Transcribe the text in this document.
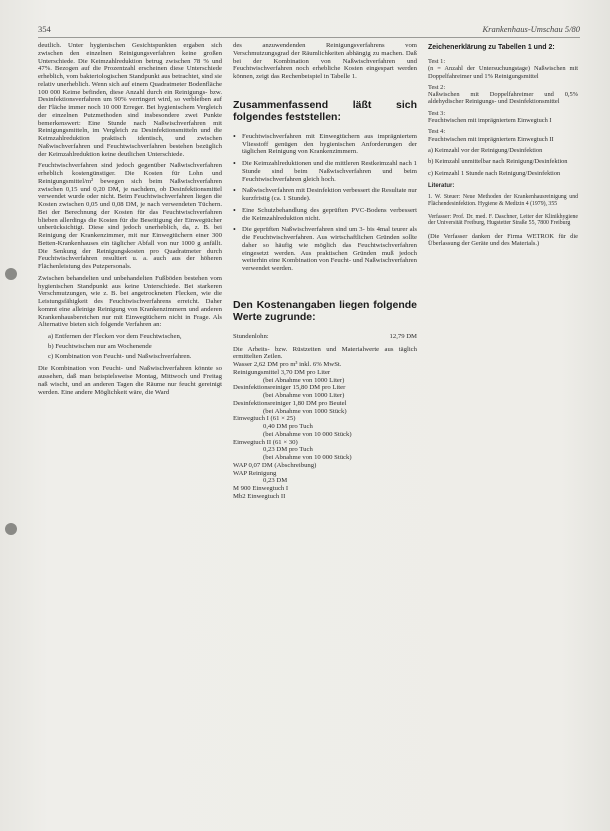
354	Krankenhaus-Umschau 5/80

deutlich. Unter hygienischen Gesichtspunkten ergaben sich zwischen den einzelnen Reinigungsverfahren keine großen Unterschiede. Die Keimzahlreduktion betrug zwischen 78 % und 47%. Bezogen auf die Prozentzahl erscheinen diese Unterschiede erheblich, vom bakteriologischen Standpunkt aus betrachtet, sind sie relativ unerheblich. Wenn sich auf einem Quadratmeter Bodenfläche 100 000 Keime befinden, diese Anzahl durch ein Reinigungs- bzw. Desinfektionsverfahren um 90% verringert wird, so verbleiben auf der Fläche immer noch 10 000 Erreger. Bei hygienischem Vergleich der einzelnen Putzmethoden sind insbesondere zwei Punkte bemerkenswert: Eine Stunde nach Naßwischverfahren mit Reinigungsmitteln, im Vergleich zu Desinfektionsmitteln und die Keimzahlreduktion praktisch identisch, und zwischen Naßwischverfahren und Feuchtwischverfahren bestehen bezüglich der Keimzahlreduktion keine deutlichen Unterschiede.

Feuchtwischverfahren sind jedoch gegenüber Naßwischverfahren erheblich kostengünstiger. Die Kosten für Lohn und Reinigungsmittel/m² bewegen sich beim Naßwischverfahren zwischen 0,15 und 0,20 DM, je nachdem, ob Desinfektionsmittel verwendet wurde oder nicht. Beim Feuchtwischverfahren liegen die Kosten zwischen 0,05 und 0,08 DM, je nach verwendeten Tüchern. Bei der Berechnung der Kosten für das Feuchtwischverfahren blieben allerdings die Kosten für die Beseitigung der Einwegtücher unberücksichtigt. Diese sind jedoch unerheblich, da, z. B. bei Reinigung der Krankenzimmer, mit nur Einwegtüchern einer 300 Betten-Krankenhauses ein täglicher Abfall von nur 1000 g anfällt. Die Senkung der Reinigungskosten pro Quadratmeter durch Feuchtwischverfahren resultiert u. a. auch aus der höheren Flächenleistung des Putzpersonals.

Zwischen behandelten und unbehandelten Fußböden bestehen vom hygienischen Standpunkt aus keine Unterschiede. Bei starkeren Verschmutzungen, wie z. B. bei angetrockneten Flecken, wie die Leistungsfähigkeit des Feuchtwischverfahrens erreicht. Daher kommt eine alleinige Reinigung von Krankenzimmern und anderen Krankenhausbereichen nur mit Einwegtüchern nicht in Frage. Als Alternative bieten sich folgende Verfahren an:

a) Entfernen der Flecken vor dem Feuchtwischen,

b) Feuchtwischen nur am Wochenende

c) Kombination von Feucht- und Naßwischverfahren.

Die Kombination von Feucht- und Naßwischverfahren könnte so aussehen, daß man beispielsweise Montag, Mittwoch und Freitag naß wischt, und an anderen Tagen die Räume nur feucht gereinigt werden. Eine andere Möglichkeit wäre, die Ward

des anzuwendenden Reinigungsverfahrens vom Verschmutzungsgrad der Räumlichkeiten abhängig zu machen. Daß bei der Kombination von Naßwischverfahren und Feuchtwischverfahren noch erhebliche Kosten eingespart werden können, zeigt das Rechenbeispiel in Tabelle 1.

Zusammenfassend läßt sich folgendes feststellen:

• Feuchtwischverfahren mit Einwegtüchern aus imprägniertem Vliesstoff genügen den hygienischen Anforderungen der täglichen Reinigung von Krankenzimmern.

• Die Keimzahlreduktionen und die mittleren Restkeimzahl nach 1 Stunde sind beim Naßwischverfahren und beim Feuchtwischverfahren gleich hoch.

• Naßwischverfahren mit Desinfektion verbessert die Resultate nur kurzfristig (ca. 1 Stunde).

• Eine Schutzbehandlung des geprüften PVC-Bodens verbessert die Keimzahlreduktion nicht.

• Die geprüften Naßwischverfahren sind um 3- bis 4mal teurer als die Feuchtwischverfahren. Aus wirtschaftlichen Gründen sollte daher so häufig wie möglich das Feuchtwischverfahren eingesetzt werden. Aus praktischen Gründen muß jedoch weiterhin eine Kombination von Feucht- und Naßwischverfahren verwendet werden.

Den Kostenangaben liegen folgende Werte zugrunde:
Stundenlohn:	12,79 DM
Die Arbeits- bzw. Rüstzeiten und Materialwerte aus täglich ermittelten Zeilen.
Wasser 2,62 DM pro m³ inkl. 6% MwSt.
Reinigungsmittel 3,70 DM pro Liter
(bei Abnahme von 1000 Liter)
Desinfektionsreiniger 15,80 DM pro Liter
(bei Abnahme von 1000 Liter)
Desinfektionsreiniger 1,80 DM pro Beutel
(bei Abnahme von 1000 Stück)
Einwegtuch I (61 × 25)
0,40 DM pro Tuch
(bei Abnahme von 10 000 Stück)
Einwegtuch II (61 × 30)
0,23 DM pro Tuch
(bei Abnahme von 10 000 Stück)
WAP 0,07 DM (Abschreibung)
WAP Reinigung
0,23 DM
M 900 Einwegtuch I
Mb2 Einwegtuch II
Zeichenerklärung zu Tabellen 1 und 2:

Test 1:

(n = Anzahl der Untersuchungstage) Naßwischen mit Doppelfahreimer und 1% Reinigungsmittel

Test 2:

Naßwischen mit Doppelfahreimer und 0,5% aldehydischer Reinigungs- und Desinfektionsmittel

Test 3:

Feuchtwischen mit imprägniertem Einwegtuch I

Test 4:

Feuchtwischen mit imprägniertem Einwegtuch II

a) Keimzahl vor der Reinigung/Desinfektion

b) Keimzahl unmittelbar nach Reinigung/Desinfektion

c) Keimzahl 1 Stunde nach Reinigung/Desinfektion

Literatur:

1. W. Steuer: Neue Methoden der Krankenhausreinigung und Flächendesinfektion. Hygiene & Medizin 4 (1979), 355

Verfasser: Prof. Dr. med. F. Daschner, Leiter der Klinikhygiene der Universität Freiburg, Hugstetter Straße 55, 7800 Freiburg

(Die Verfasser danken der Firma WETROK für die Überlassung der Geräte und des Materials.)
